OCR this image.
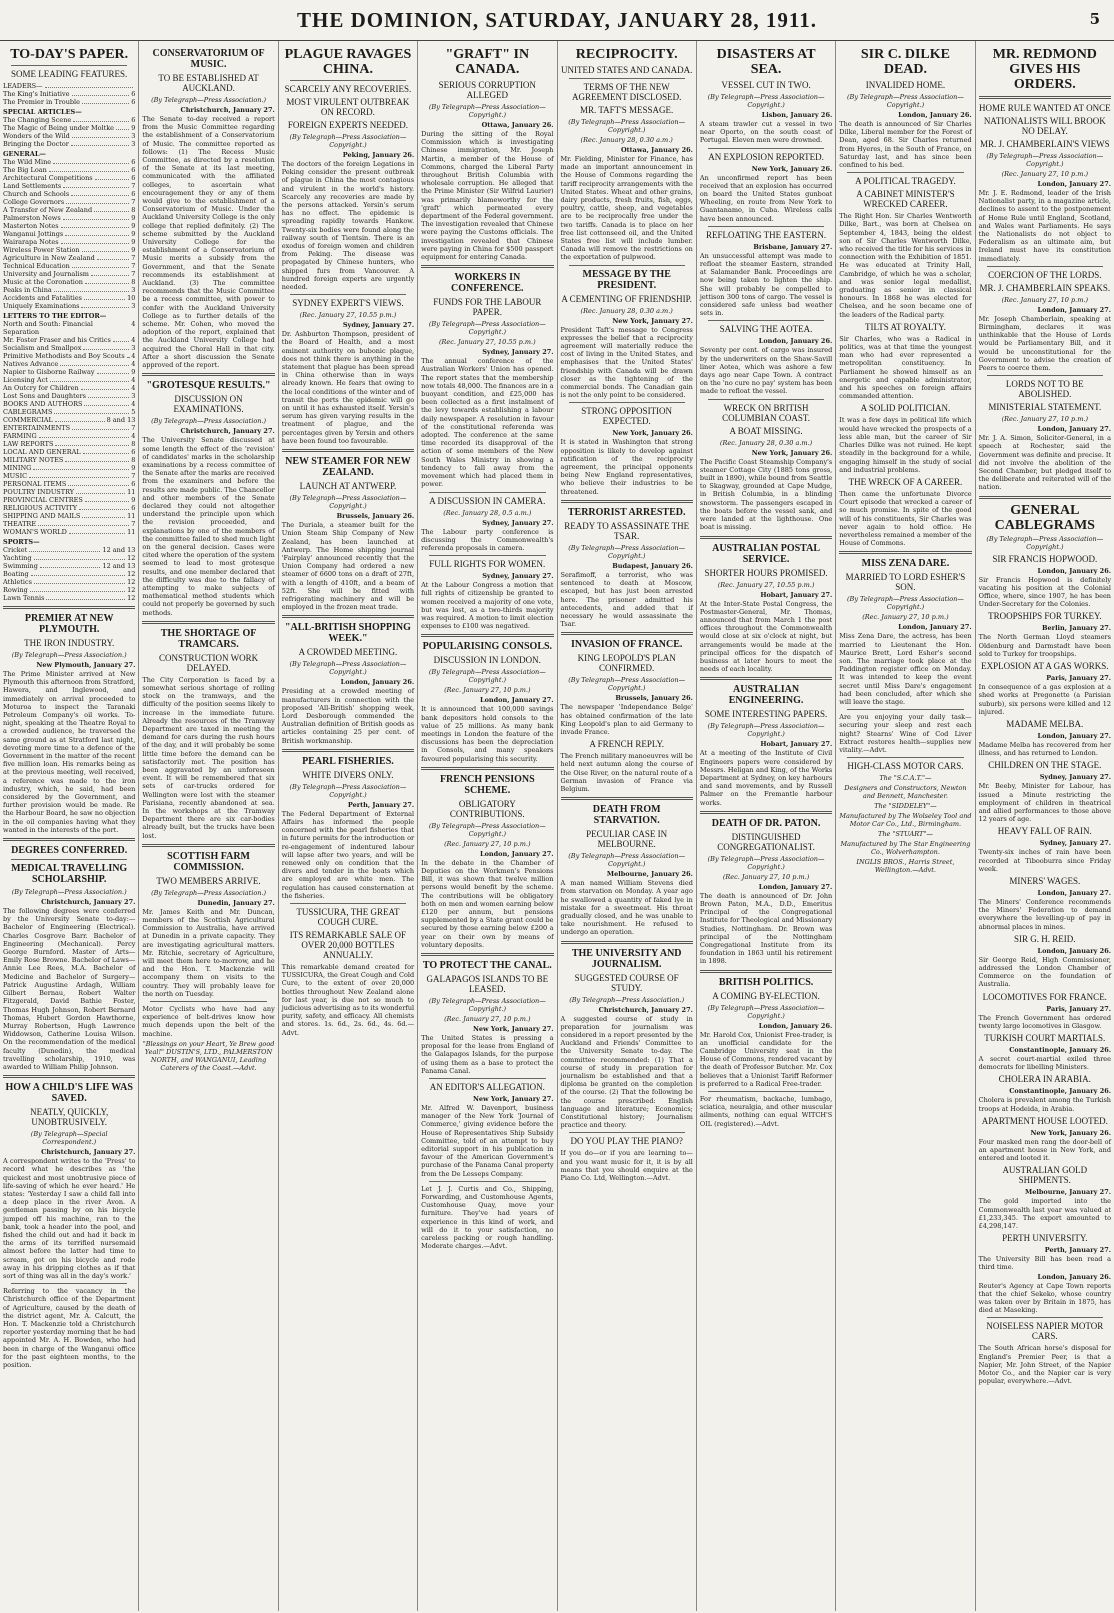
THE DOMINION, SATURDAY, JANUARY 28, 1911.	5
TO-DAY'S PAPER.
SOME LEADING FEATURES.
LEADERS—
The King's Initiative	6
The Premier in Trouble	6
SPECIAL ARTICLES—
The Changing Scene	6
The Magic of Being under Moltke	9
Wonders of the Wild	3
Bringing the Doctor	3
GENERAL—
The Wild Mine	6
The Big Loan	6
Architectural Competitions	6
Land Settlements	7
Church and Schools	6
College Governors	7
A Transfer of New Zealand	8
Palmerston News	9
Masterton Notes	9
Wanganui Jottings	9
Wairarapa Notes	9
Wireless Power Station	9
Agriculture in New Zealand	7
Technical Education	7
University and Journalism	7
Music at the Coronation	8
Peaks in China	3
Accidents and Fatalities	10
Uniquely Examinations	3
LETTERS TO THE EDITOR—
North and South: Financial Separation
4
Mr. Foster Fraser and his Critics	4
Socialism and Smallpox	3
Primitive Methodists and Boy Scouts 4
Natives Advance	4
Napier to Gisborne Railway	9
Licensing Act	4
An Outcry for Children	4
Lost Sons and Daughters	3
BOOKS AND AUTHORS	4
CABLEGRAMS	5
COMMERCIAL	8 and 13
ENTERTAINMENTS	7
FARMING	4
LAW REPORTS	8
LOCAL AND GENERAL	6
MILITARY NOTES	8
MINING	9
MUSIC	7
PERSONAL ITEMS	6
POULTRY INDUSTRY	11
PROVINCIAL CENTRES	9
RELIGIOUS ACTIVITY	6
SHIPPING AND MAILS	11
THEATRE	7
WOMAN'S WORLD	11
SPORTS—
Cricket	12 and 13
Yachting	12
Swimming	12 and 13
Boating	12
Athletics	12
Rowing	12
Lawn Tennis	12
PREMIER AT NEW PLYMOUTH.
THE IRON INDUSTRY.
(By Telegraph—Press Association.)
New Plymouth, January 27.
The Prime Minister arrived at New Plymouth this afternoon from Stratford, Hawera, and Inglewood, and immediately on arrival proceeded to Moturoa to inspect the Taranaki Petroleum Company's oil works. To-night, speaking at the Theatre Royal to a crowded audience, he traversed the same ground as at Stratford last night, devoting more time to a defence of the Government in the matter of the recent five million loan. His remarks being as at the previous meeting, well received, a reference was made to the iron industry, which, he said, had been considered by the Government, and further provision would be made. Re the Harbour Board, he saw no objection in the oil companies having what they wanted in the interests of the port.
DEGREES CONFERRED.
MEDICAL TRAVELLING SCHOLARSHIP.
(By Telegraph—Press Association.)
Christchurch, January 27.
The following degrees were conferred by the University Senate to-day:— Bachelor of Engineering (Electrical). Charles Cosgrove Barr. Bachelor of Engineering (Mechanical). Percy George Burnford. Master of Arts—Emily Rose Browne. Bachelor of Laws—Annie Lee Rees, M.A. Bachelor of Medicine and Bachelor of Surgery—Patrick Augustine Ardagh, William Gilbert Bernau, Robert Walter Fitzgerald, David Bathie Foster, Thomas Hugh Johnson, Robert Bernard Thomas, Hubert Gordon Hawthorne, Murray Robertson, Hugh Lawrence Widdowson, Catherine Louisa Wilson. On the recommendation of the medical faculty (Dunedin), the medical travelling scholarship, 1910, was awarded to William Philip Johnson.
HOW A CHILD'S LIFE WAS SAVED.
NEATLY, QUICKLY, UNOBTRUSIVELY.
(By Telegraph—Special Correspondent.)
Christchurch, January 27.
A correspondent writes to the 'Press' to record what he describes as 'the quickest and most unobtrusive piece of life-saving of which he ever heard.' He states: 'Yesterday I saw a child fall into a deep place in the river Avon. A gentleman passing by on his bicycle jumped off his machine, ran to the bank, took a header into the pool, and fished the child out and had it back in the arms of its terrified nursemaid almost before the latter had time to scream, got on his bicycle and rode away in his dripping clothes as if that sort of thing was all in the day's work.'
Referring to the vacancy in the Christchurch office of the Department of Agriculture, caused by the death of the district agent, Mr. A. Calcutt, the Hon. T. Mackenzie told a Christchurch reporter yesterday morning that he had appointed Mr. A. H. Bowden, who had been in charge of the Wanganui office for the past eighteen months, to the position.
CONSERVATORIUM OF MUSIC.
TO BE ESTABLISHED AT AUCKLAND.
(By Telegraph—Press Association.)
Christchurch, January 27.
The Senate to-day received a report from the Music Committee regarding the establishment of a Conservatorium of Music. The committee reported as follows: (1) The Recess Music Committee, as directed by a resolution of the Senate at its last meeting, communicated with the affiliated colleges, to ascertain what encouragement they or any of them would give to the establishment of a Conservatorium of Music. Under the Auckland University College is the only college that replied definitely. (2) The scheme submitted by the Auckland University College for the establishment of a Conservatorium of Music merits a subsidy from the Government, and that the Senate recommends its establishment at Auckland. (3) The committee recommends that the Music Committee be a recess committee, with power to confer with the Auckland University College as to further details of the scheme. Mr. Cohen, who moved the adoption of the report, explained that the Auckland University College had acquired the Choral Hall in that city. After a short discussion the Senate approved of the report.
"GROTESQUE RESULTS."
DISCUSSION ON EXAMINATIONS.
(By Telegraph—Press Association.)
Christchurch, January 27.
The University Senate discussed at some length the effect of the 'revision' of candidates' marks in the scholarship examinations by a recess committee of the Senate after the marks are received from the examiners and before the results are made public. The Chancellor and other members of the Senate declared they could not altogether understand the principle upon which the revision proceeded, and explanations by one of the members of the committee failed to shed much light on the general decision. Cases were cited where the operation of the system seemed to lead to most grotesque results, and one member declared that the difficulty was due to the fallacy of attempting to make subjects of mathematical method students which could not properly be governed by such methods.
THE SHORTAGE OF TRAMCARS.
CONSTRUCTION WORK DELAYED.
The City Corporation is faced by a somewhat serious shortage of rolling stock on the tramways, and the difficulty of the position seems likely to increase in the immediate future. Already the resources of the Tramway Department are taxed in meeting the demand for cars during the rush hours of the day, and it will probably be some little time before the demand can be satisfactorily met. The position has been aggravated by an unforeseen event. It will be remembered that six sets of car-trucks ordered for Wellington were lost with the steamer Parisiana, recently abandoned at sea. In the workshops at the Tramway Department there are six car-bodies already built, but the trucks have been lost.
SCOTTISH FARM COMMISSION.
TWO MEMBERS ARRIVE.
(By Telegraph—Press Association.)
Dunedin, January 27.
Mr. James Keith and Mr. Duncan, members of the Scottish Agricultural Commission to Australia, have arrived at Dunedin in a private capacity. They are investigating agricultural matters. Mr. Ritchie, secretary of Agriculture, will meet them here to-morrow, and he and the Hon. T. Mackenzie will accompany them on visits to the country. They will probably leave for the north on Tuesday.
Motor Cyclists who have had any experience of belt-drives know how much depends upon the belt of the machine.
"Blessings on your Heart, Ye Brew good Yeal!" DUSTIN'S, LTD., PALMERSTON NORTH, and WANGANUI, Leading Caterers of the Coast.—Advt.
PLAGUE RAVAGES CHINA.
SCARCELY ANY RECOVERIES.
MOST VIRULENT OUTBREAK ON RECORD.
FOREIGN EXPERTS NEEDED.
(By Telegraph—Press Association—Copyright.)
Peking, January 26.
The doctors of the foreign Legations in Peking consider the present outbreak of plague in China the most contagious and virulent in the world's history. Scarcely any recoveries are made by the persons attacked. Yersin's serum has no effect. The epidemic is spreading rapidly towards Hankow. Twenty-six bodies were found along the railway south of Tientsin. There is an exodus of foreign women and children from Peking. The disease was propagated by Chinese hunters, who shipped furs from Vancouver. A hundred foreign experts are urgently needed.
SYDNEY EXPERT'S VIEWS.
(Rec. January 27, 10.55 p.m.)
Sydney, January 27.
Dr. Ashburton Thompson, president of the Board of Health, and a most eminent authority on bubonic plague, does not think there is anything in the statement that plague has been spread in China otherwise than in ways already known. He fears that owing to the local conditions of the winter and of transit the ports the epidemic will go on until it has exhausted itself. Yersin's serum has given varying results in the treatment of plague, and the percentages given by Yersin and others have been found too favourable.
NEW STEAMER FOR NEW ZEALAND.
LAUNCH AT ANTWERP.
(By Telegraph—Press Association—Copyright.)
Brussels, January 26.
The Duriala, a steamer built for the Union Steam Ship Company of New Zealand, has been launched at Antwerp. The Home shipping journal 'Fairplay' announced recently that the Union Company had ordered a new steamer of 6600 tons on a draft of 27ft, with a length of 410ft, and a beam of 52ft. She will be fitted with refrigerating machinery and will be employed in the frozen meat trade.
"ALL-BRITISH SHOPPING WEEK."
A CROWDED MEETING.
(By Telegraph—Press Association—Copyright.)
London, January 26.
Presiding at a crowded meeting of manufacturers in connection with the proposed 'All-British' shopping week, Lord Desborough commended the Australian definition of British goods as articles containing 25 per cent. of British workmanship.
PEARL FISHERIES.
WHITE DIVERS ONLY.
(By Telegraph—Press Association—Copyright.)
Perth, January 27.
The Federal Department of External Affairs has informed the people concerned with the pearl fisheries that in future permits for the introduction or re-engagement of indentured labour will lapse after two years, and will be renewed only on condition that the divers and tender in the boats which are employed are white men. The regulation has caused consternation at the fisheries.
TUSSICURA, THE GREAT COUGH CURE.
ITS REMARKABLE SALE OF OVER 20,000 BOTTLES ANNUALLY.
This remarkable demand created for TUSSICURA, the Great Cough and Cold Cure, to the extent of over 20,000 bottles throughout New Zealand alone for last year, is due not so much to judicious advertising as to its wonderful purity, safety, and efficacy. All chemists and stores. 1s. 6d., 2s. 6d., 4s. 6d.—Advt.
"GRAFT" IN CANADA.
SERIOUS CORRUPTION ALLEGED
(By Telegraph—Press Association—Copyright.)
Ottawa, January 26.
During the sitting of the Royal Commission which is investigating Chinese immigration, Mr. Joseph Martin, a member of the House of Commons, charged the Liberal Party throughout British Columbia with wholesale corruption. He alleged that the Prime Minister (Sir Wilfrid Laurier) was primarily blameworthy for the 'graft' which permeated every department of the Federal government. The investigation revealed that Chinese were paying the Customs officials. The investigation revealed that Chinese were paying in China for $500 passport equipment for entering Canada.
WORKERS IN CONFERENCE.
FUNDS FOR THE LABOUR PAPER.
(By Telegraph—Press Association—Copyright.)
(Rec. January 27, 10.55 p.m.)
Sydney, January 27.
The annual conference of the Australian Workers' Union has opened. The report states that the membership now totals 48,000. The finances are in a buoyant condition, and £25,000 has been collected as a first instalment of the levy towards establishing a labour daily newspaper. A resolution in favour of the constitutional referenda was adopted. The conference at the same time recorded its disapproval of the action of some members of the New South Wales Ministry in showing a tendency to fall away from the movement which had placed them in power.
A DISCUSSION IN CAMERA.
(Rec. January 28, 0.5 a.m.)
Sydney, January 27.
The Labour party conference is discussing the Commonwealth's referenda proposals in camera.
FULL RIGHTS FOR WOMEN.
Sydney, January 27.
At the Labour Congress a motion that full rights of citizenship be granted to women received a majority of one vote, but was lost, as a two-thirds majority was required. A motion to limit election expenses to £100 was negatived.
POPULARISING CONSOLS.
DISCUSSION IN LONDON.
(By Telegraph—Press Association—Copyright.)
(Rec. January 27, 10 p.m.)
London, January 27.
It is announced that 100,000 savings bank depositors hold consols to the value of 25 millions. As many bank meetings in London the feature of the discussions has been the depreciation in Consols, and many speakers favoured popularising this security.
FRENCH PENSIONS SCHEME.
OBLIGATORY CONTRIBUTIONS.
(By Telegraph—Press Association—Copyright.)
(Rec. January 27, 10 p.m.)
London, January 27.
In the debate in the Chamber of Deputies on the Workmen's Pensions Bill, it was shown that twelve million persons would benefit by the scheme. The contributions will be obligatory both on men and women earning below £120 per annum, but pensions supplemented by a State grant could be secured by those earning below £200 a year on their own by means of voluntary deposits.
TO PROTECT THE CANAL.
GALAPAGOS ISLANDS TO BE LEASED.
(By Telegraph—Press Association—Copyright.)
(Rec. January 27, 10 p.m.)
New York, January 27.
The United States is pressing a proposal for the lease from England of the Galapagos Islands, for the purpose of using them as a base to protect the Panama Canal.
AN EDITOR'S ALLEGATION.
New York, January 27.
Mr. Alfred W. Davenport, business manager of the New York 'Journal of Commerce,' giving evidence before the House of Representatives Ship Subsidy Committee, told of an attempt to buy editorial support in his publication in favour of the American Government's purchase of the Panama Canal property from the De Lesseps Company.
Let J. J. Curtis and Co., Shipping, Forwarding, and Customhouse Agents, Customhouse Quay, move your furniture. They've had years of experience in this kind of work, and will do it to your satisfaction, no careless packing or rough handling. Moderate charges.—Advt.
RECIPROCITY.
UNITED STATES AND CANADA.
TERMS OF THE NEW AGREEMENT DISCLOSED.
MR. TAFT'S MESSAGE.
(By Telegraph—Press Association—Copyright.)
(Rec. January 28, 0.30 a.m.)
Ottawa, January 26.
Mr. Fielding, Minister for Finance, has made an important announcement in the House of Commons regarding the tariff reciprocity arrangements with the United States. Wheat and other grains, dairy products, fresh fruits, fish, eggs, poultry, cattle, sheep, and vegetables are to be reciprocally free under the two tariffs. Canada is to place on her free list cottonseed oil, and the United States free list will include lumber. Canada will remove the restrictions on the exportation of pulpwood.
MESSAGE BY THE PRESIDENT.
A CEMENTING OF FRIENDSHIP.
(Rec. January 28, 0.30 a.m.)
New York, January 27.
President Taft's message to Congress expresses the belief that a reciprocity agreement will materially reduce the cost of living in the United States, and emphasises that the United States' friendship with Canada will be drawn closer as the tightening of the commercial bonds. The Canadian gain is not the only point to be considered.
STRONG OPPOSITION EXPECTED.
New York, January 26.
It is stated in Washington that strong opposition is likely to develop against ratification of the reciprocity agreement, the principal opponents being New England representatives, who believe their industries to be threatened.
TERRORIST ARRESTED.
READY TO ASSASSINATE THE TSAR.
(By Telegraph—Press Association—Copyright.)
Budapest, January 26.
Serafimoff, a terrorist, who was sentenced to death at Moscow, escaped, but has just been arrested here. The prisoner admitted his antecedents, and added that if necessary he would assassinate the Tsar.
INVASION OF FRANCE.
KING LEOPOLD'S PLAN CONFIRMED.
(By Telegraph—Press Association—Copyright.)
Brussels, January 26.
The newspaper 'Independance Belge' has obtained confirmation of the late King Leopold's plan to aid Germany to invade France.
A FRENCH REPLY.
The French military manoeuvres will be held next autumn along the course of the Oise River, on the natural route of a German invasion of France via Belgium.
DEATH FROM STARVATION.
PECULIAR CASE IN MELBOURNE.
(By Telegraph—Press Association—Copyright.)
Melbourne, January 26.
A man named William Stevens died from starvation on Monday. A year ago he swallowed a quantity of faked lye in mistake for a sweetmeat. His throat gradually closed, and he was unable to take nourishment. He refused to undergo an operation.
THE UNIVERSITY AND JOURNALISM.
SUGGESTED COURSE OF STUDY.
(By Telegraph—Press Association.)
Christchurch, January 27.
A suggested course of study in preparation for journalism was considered in a report presented by the Auckland and Friends' Committee to the University Senate to-day. The committee recommended: (1) That a course of study in preparation for journalism be established and that a diploma be granted on the completion of the course. (2) That the following be the course prescribed: English language and literature; Economics; Constitutional history; Journalism practice and theory.
DO YOU PLAY THE PIANO?
If you do—or if you are learning to—and you want music for it, it is by all means that you should enquire at the Piano Co. Ltd, Wellington.—Advt.
DISASTERS AT SEA.
VESSEL CUT IN TWO.
(By Telegraph—Press Association—Copyright.)
Lisbon, January 26.
A steam trawler cut a vessel in two near Oporto, on the south coast of Portugal. Eleven men were drowned.
AN EXPLOSION REPORTED.
New York, January 26.
An unconfirmed report has been received that an explosion has occurred on board the United States gunboat Wheeling, en route from New York to Guantanamo, in Cuba. Wireless calls have been announced.
REFLOATING THE EASTERN.
Brisbane, January 27.
An unsuccessful attempt was made to refloat the steamer Eastern, stranded at Salamander Bank. Proceedings are now being taken to lighten the ship. She will probably be compelled to jettison 300 tons of cargo. The vessel is considered safe unless bad weather sets in.
SALVING THE AOTEA.
London, January 26.
Seventy per cent. of cargo was insured by the underwriters on the Shaw-Savill liner Aotea, which was ashore a few days ago near Cape Town. A contract on the 'no cure no pay' system has been made to refloat the vessel.
WRECK ON BRITISH COLUMBIAN COAST.
A BOAT MISSING.
(Rec. January 28, 0.30 a.m.)
New York, January 26.
The Pacific Coast Steamship Company's steamer Cottage City (1885 tons gross, built in 1890), while bound from Seattle to Skagway, grounded at Cape Mudge, in British Columbia, in a blinding snowstorm. The passengers escaped in the boats before the vessel sank, and were landed at the lighthouse. One boat is missing.
AUSTRALIAN POSTAL SERVICE.
SHORTER HOURS PROMISED.
(Rec. January 27, 10.55 p.m.)
Hobart, January 27.
At the Inter-State Postal Congress, the Postmaster-General, Mr. Thomas, announced that from March 1 the post offices throughout the Commonwealth would close at six o'clock at night, but arrangements would be made at the principal offices for the dispatch of business at later hours to meet the needs of each locality.
AUSTRALIAN ENGINEERING.
SOME INTERESTING PAPERS.
(By Telegraph—Press Association—Copyright.)
Hobart, January 27.
At a meeting of the Institute of Civil Engineers papers were considered by Messrs. Heligan and King, of the Works Department at Sydney, on key harbours and sand movements, and by Russell Palmer on the Fremantle harbour works.
DEATH OF DR. PATON.
DISTINGUISHED CONGREGATIONALIST.
(By Telegraph—Press Association—Copyright.)
(Rec. January 27, 10 p.m.)
London, January 27.
The death is announced of Dr. John Brown Paton, M.A., D.D., Emeritus Principal of the Congregational Institute for Theological and Missionary Studies, Nottingham. Dr. Brown was principal of the Nottingham Congregational Institute from its foundation in 1863 until his retirement in 1898.
BRITISH POLITICS.
A COMING BY-ELECTION.
(By Telegraph—Press Association—Copyright.)
London, January 26.
Mr. Harold Cox, Unionist Free-trader, is an unofficial candidate for the Cambridge University seat in the House of Commons, rendered vacant by the death of Professor Butcher. Mr. Cox believes that a Unionist Tariff Reformer is preferred to a Radical Free-trader.
For rheumatism, backache, lumbago, sciatica, neuralgia, and other muscular ailments, nothing can equal WITCH'S OIL (registered).—Advt.
SIR C. DILKE DEAD.
INVALIDED HOME.
(By Telegraph—Press Association—Copyright.)
London, January 26.
The death is announced of Sir Charles Dilke, Liberal member for the Forest of Dean, aged 68. Sir Charles returned from Hyeres, in the South of France, on Saturday last, and has since been confined to his bed.
A POLITICAL TRAGEDY.
A CABINET MINISTER'S WRECKED CAREER.
The Right Hon. Sir Charles Wentworth Dilke, Bart., was born at Chelsea on September 4, 1843, being the eldest son of Sir Charles Wentworth Dilke, who received the title for his services in connection with the Exhibition of 1851. He was educated at Trinity Hall, Cambridge, of which he was a scholar, and was senior legal medallist, graduating as senior in classical honours. In 1868 he was elected for Chelsea, and he soon became one of the leaders of the Radical party.
TILTS AT ROYALTY.
Sir Charles, who was a Radical in politics, was at that time the youngest man who had ever represented a metropolitan constituency. In Parliament he showed himself as an energetic and capable administrator, and his speeches on foreign affairs commanded attention.
A SOLID POLITICIAN.
It was a few days in political life which would have wrecked the prospects of a less able man, but the career of Sir Charles Dilke was not ruined. He kept steadily in the background for a while, engaging himself in the study of social and industrial problems.
THE WRECK OF A CAREER.
Then came the unfortunate Divorce Court episode that wrecked a career of so much promise. In spite of the good will of his constituents, Sir Charles was never again to hold office. He nevertheless remained a member of the House of Commons.
MISS ZENA DARE.
MARRIED TO LORD ESHER'S SON.
(By Telegraph—Press Association—Copyright.)
(Rec. January 27, 10 p.m.)
London, January 27.
Miss Zena Dare, the actress, has been married to Lieutenant the Hon. Maurice Brett, Lord Esher's second son. The marriage took place at the Paddington register office on Monday. It was intended to keep the event secret until Miss Dare's engagement had been concluded, after which she will leave the stage.
Are you enjoying your daily task—securing your sleep and rest each night? Stearns' Wine of Cod Liver Extract restores health—supplies new vitality.—Advt.
HIGH-CLASS MOTOR CARS.
The "S.C.A.T."—
Designers and Constructors, Newton and Bennett, Manchester.
The "SIDDELEY"—
Manufactured by The Wolseley Tool and Motor Car Co., Ltd., Birmingham.
The "STUART"—
Manufactured by The Star Engineering Co., Wolverhampton.
INGLIS BROS., Harris Street, Wellington.—Advt.
MR. REDMOND GIVES HIS ORDERS.
HOME RULE WANTED AT ONCE
NATIONALISTS WILL BROOK NO DELAY.
MR. J. CHAMBERLAIN'S VIEWS
(By Telegraph—Press Association—Copyright.)
(Rec. January 27, 10 p.m.)
London, January 27.
Mr. J. E. Redmond, leader of the Irish Nationalist party, in a magazine article, declines to assent to the postponement of Home Rule until England, Scotland, and Wales want Parliaments. He says the Nationalists do not object to Federalism as an ultimate aim, but Ireland must have its constitution immediately.
COERCION OF THE LORDS.
MR. J. CHAMBERLAIN SPEAKS.
(Rec. January 27, 10 p.m.)
London, January 27.
Mr. Joseph Chamberlain, speaking at Birmingham, declares it was unthinkable that the House of Lords would be Parliamentary Bill, and it would be unconstitutional for the Government to advise the creation of Peers to coerce them.
LORDS NOT TO BE ABOLISHED.
MINISTERIAL STATEMENT.
(Rec. January 27, 10 p.m.)
London, January 27.
Mr. J. A. Simon, Solicitor-General, in a speech at Rochester, said the Government was definite and precise. It did not involve the abolition of the Second Chamber, but pledged itself to the deliberate and reiterated will of the nation.
GENERAL CABLEGRAMS
(By Telegraph—Press Association—Copyright.)
SIR FRANCIS HOPWOOD.
London, January 26.
Sir Francis Hopwood is definitely vacating his position at the Colonial Office, where, since 1907, he has been Under-Secretary for the Colonies.
TROOPSHIPS FOR TURKEY.
Berlin, January 27.
The North German Lloyd steamers Oldenburg and Darmstadt have been sold to Turkey for troopships.
EXPLOSION AT A GAS WORKS.
Paris, January 27.
In consequence of a gas explosion at a shed works at Pregonette (a Parisian suburb), six persons were killed and 12 injured.
MADAME MELBA.
London, January 27.
Madame Melba has recovered from her illness, and has returned to London.
CHILDREN ON THE STAGE.
Sydney, January 27.
Mr. Beeby, Minister for Labour, has issued a Minute restricting the employment of children in theatrical and allied performances to those above 12 years of age.
HEAVY FALL OF RAIN.
Sydney, January 27.
Twenty-six inches of rain have been recorded at Tibooburra since Friday week.
MINERS' WAGES.
London, January 27.
The Miners' Conference recommends the Miners' Federation to demand everywhere the levelling-up of pay in abnormal places in mines.
SIR G. H. REID.
London, January 26.
Sir George Reid, High Commissioner, addressed the London Chamber of Commerce on the foundation of Australia.
LOCOMOTIVES FOR FRANCE.
Paris, January 27.
The French Government has ordered twenty large locomotives in Glasgow.
TURKISH COURT MARTIALS.
Constantinople, January 26.
A secret court-martial exiled three democrats for libelling Ministers.
CHOLERA IN ARABIA.
Constantinople, January 26.
Cholera is prevalent among the Turkish troops at Hodeida, in Arabia.
APARTMENT HOUSE LOOTED.
New York, January 26.
Four masked men rang the door-bell of an apartment house in New York, and entered and looted it.
AUSTRALIAN GOLD SHIPMENTS.
Melbourne, January 27.
The gold imported into the Commonwealth last year was valued at £1,233,345. The export amounted to £4,298,147.
PERTH UNIVERSITY.
Perth, January 27.
The University Bill has been read a third time.
London, January 26.
Reuter's Agency at Cape Town reports that the chief Sekeko, whose country was taken over by Britain in 1875, has died at Maseking.
NOISELESS NAPIER MOTOR CARS.
The South African horse's disposal for England's Premier Peer, is that a Napier, Mr. John Street, of the Napier Motor Co., and the Napier car is very popular, everywhere.—Advt.
